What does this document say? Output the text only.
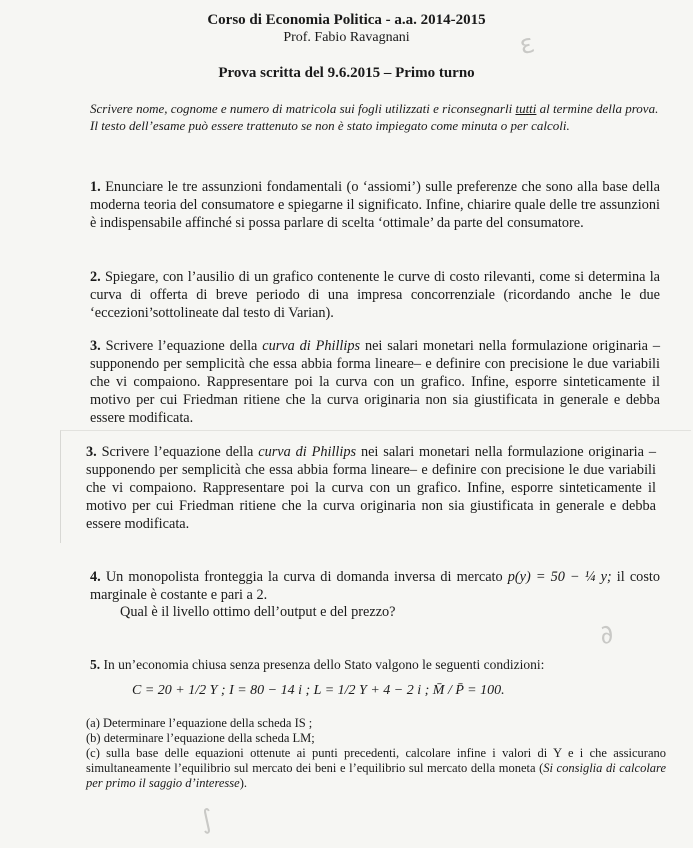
ε
∂
∫
Corso di Economia Politica - a.a. 2014-2015
Prof. Fabio Ravagnani
Prova scritta del 9.6.2015 – Primo turno
Scrivere nome, cognome e numero di matricola sui fogli utilizzati e riconsegnarli tutti al termine della prova. Il testo dell’esame può essere trattenuto se non è stato impiegato come minuta o per calcoli.
1. Enunciare le tre assunzioni fondamentali (o ‘assiomi’) sulle preferenze che sono alla base della moderna teoria del consumatore e spiegarne il significato. Infine, chiarire quale delle tre assunzioni è indispensabile affinché si possa parlare di scelta ‘ottimale’ da parte del consumatore.
2. Spiegare, con l’ausilio di un grafico contenente le curve di costo rilevanti, come si determina la curva di offerta di breve periodo di una impresa concorrenziale (ricordando anche le due ‘eccezioni’sottolineate dal testo di Varian).
3. Scrivere l’equazione della curva di Phillips nei salari monetari nella formulazione originaria –supponendo per semplicità che essa abbia forma lineare– e definire con precisione le due variabili che vi compaiono. Rappresentare poi la curva con un grafico. Infine, esporre sinteticamente il motivo per cui Friedman ritiene che la curva originaria non sia giustificata in generale e debba essere modificata.
3. Scrivere l’equazione della curva di Phillips nei salari monetari nella formulazione originaria –supponendo per semplicità che essa abbia forma lineare– e definire con precisione le due variabili che vi compaiono. Rappresentare poi la curva con un grafico. Infine, esporre sinteticamente il motivo per cui Friedman ritiene che la curva originaria non sia giustificata in generale e debba essere modificata.
4. Un monopolista fronteggia la curva di domanda inversa di mercato p(y) = 50 − ¼ y; il costo marginale è costante e pari a 2.
Qual è il livello ottimo dell’output e del prezzo?
5. In un’economia chiusa senza presenza dello Stato valgono le seguenti condizioni:
C = 20 + 1/2 Y ; I = 80 − 14 i ; L = 1/2 Y + 4 − 2 i ; M̄ / P̄ = 100.
(a) Determinare l’equazione della scheda IS ;
(b) determinare l’equazione della scheda LM;
(c) sulla base delle equazioni ottenute ai punti precedenti, calcolare infine i valori di Y e i che assicurano simultaneamente l’equilibrio sul mercato dei beni e l’equilibrio sul mercato della moneta (Si consiglia di calcolare per primo il saggio d’interesse).
